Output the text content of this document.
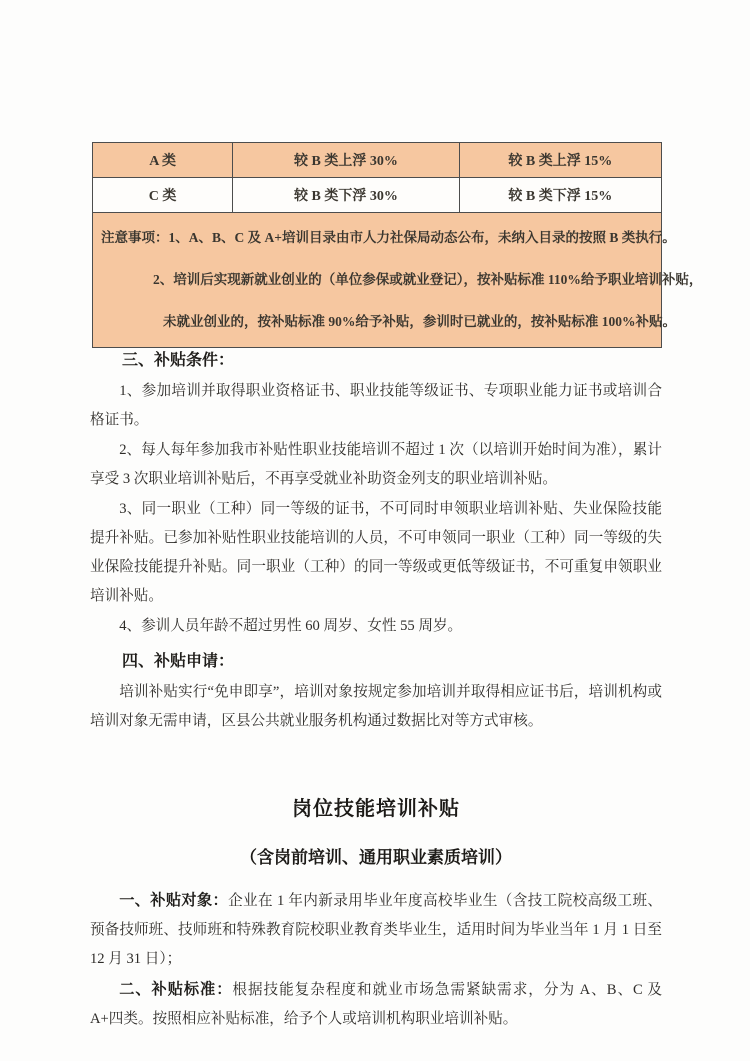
A 类	较 B 类上浮 30%	较 B 类上浮 15%
C 类	较 B 类下浮 30%	较 B 类下浮 15%

注意事项：1、A、B、C 及 A+培训目录由市人力社保局动态公布，未纳入目录的按照 B 类执行。
2、培训后实现新就业创业的（单位参保或就业登记），按补贴标准 110%给予职业培训补贴，
未就业创业的，按补贴标准 90%给予补贴，参训时已就业的，按补贴标准 100%补贴。		
三、补贴条件：

1、参加培训并取得职业资格证书、职业技能等级证书、专项职业能力证书或培训合格证书。

2、每人每年参加我市补贴性职业技能培训不超过 1 次（以培训开始时间为准），累计享受 3 次职业培训补贴后，不再享受就业补助资金列支的职业培训补贴。

3、同一职业（工种）同一等级的证书，不可同时申领职业培训补贴、失业保险技能提升补贴。已参加补贴性职业技能培训的人员，不可申领同一职业（工种）同一等级的失业保险技能提升补贴。同一职业（工种）的同一等级或更低等级证书，不可重复申领职业培训补贴。

4、参训人员年龄不超过男性 60 周岁、女性 55 周岁。

四、补贴申请：

培训补贴实行“免申即享”，培训对象按规定参加培训并取得相应证书后，培训机构或培训对象无需申请，区县公共就业服务机构通过数据比对等方式审核。

岗位技能培训补贴
（含岗前培训、通用职业素质培训）

一、补贴对象：企业在 1 年内新录用毕业年度高校毕业生（含技工院校高级工班、预备技师班、技师班和特殊教育院校职业教育类毕业生，适用时间为毕业当年 1 月 1 日至 12 月 31 日）；

二、补贴标准：根据技能复杂程度和就业市场急需紧缺需求，分为 A、B、C 及 A+四类。按照相应补贴标准，给予个人或培训机构职业培训补贴。
